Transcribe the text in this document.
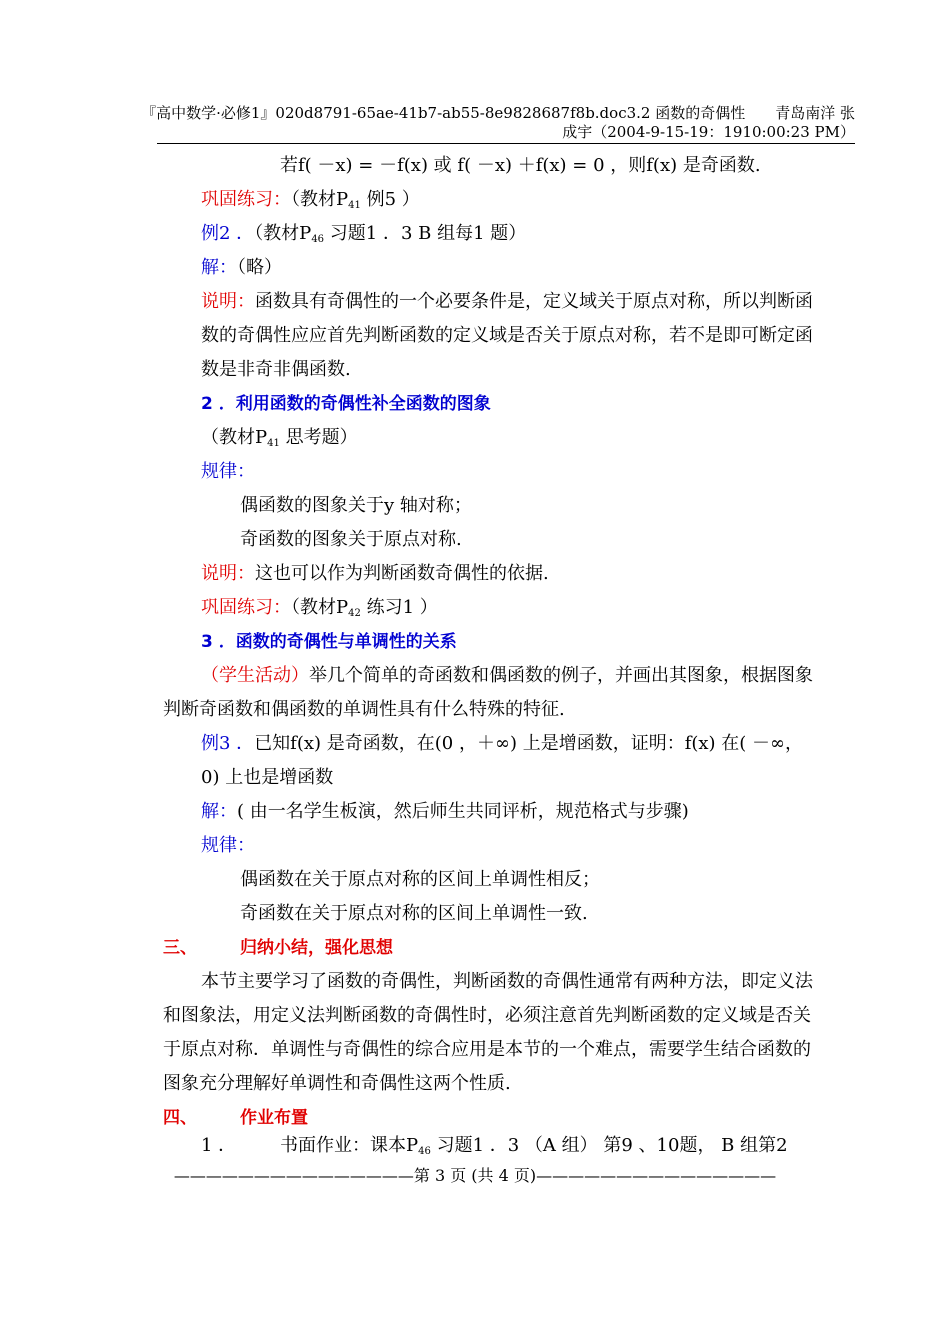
『高中数学·必修1』020d8791-65ae-41b7-ab55-8e9828687f8b.doc3.2 函数的奇偶性　　青岛南洋 张
成宇（2004-9-15-19：1910:00:23 PM）
若f( －x) = －f(x) 或 f( －x) ＋f(x) = 0 ，则f(x) 是奇函数.
巩固练习：（教材$P_{41}$ 例5 ）
例2 ．（教材$P_{46}$ 习题1 ．3 B 组每1 题）
解：（略）
说明：函数具有奇偶性的一个必要条件是，定义域关于原点对称，所以判断函
数的奇偶性应应首先判断函数的定义域是否关于原点对称，若不是即可断定函
数是非奇非偶函数.
2 ．利用函数的奇偶性补全函数的图象
（教材$P_{41}$ 思考题）
规律：
偶函数的图象关于y 轴对称；
奇函数的图象关于原点对称.
说明：这也可以作为判断函数奇偶性的依据.
巩固练习：（教材$P_{42}$ 练习1 ）
3 ．函数的奇偶性与单调性的关系
（学生活动）举几个简单的奇函数和偶函数的例子，并画出其图象，根据图象
判断奇函数和偶函数的单调性具有什么特殊的特征.
例3 ．已知f(x) 是奇函数，在(0 ，＋∞) 上是增函数，证明：f(x) 在( －∞，
0) 上也是增函数
解：( 由一名学生板演，然后师生共同评析，规范格式与步骤)
规律：
偶函数在关于原点对称的区间上单调性相反；
奇函数在关于原点对称的区间上单调性一致.
三、	归纳小结，强化思想
本节主要学习了函数的奇偶性，判断函数的奇偶性通常有两种方法，即定义法
和图象法，用定义法判断函数的奇偶性时，必须注意首先判断函数的定义域是否关
于原点对称．单调性与奇偶性的综合应用是本节的一个难点，需要学生结合函数的
图象充分理解好单调性和奇偶性这两个性质.
四、	作业布置
1 ． 书面作业：课本$P_{46}$ 习题1 ．3 （A 组） 第9 、10题， B 组第2
———————————————第 3 页 (共 4 页)———————————————
